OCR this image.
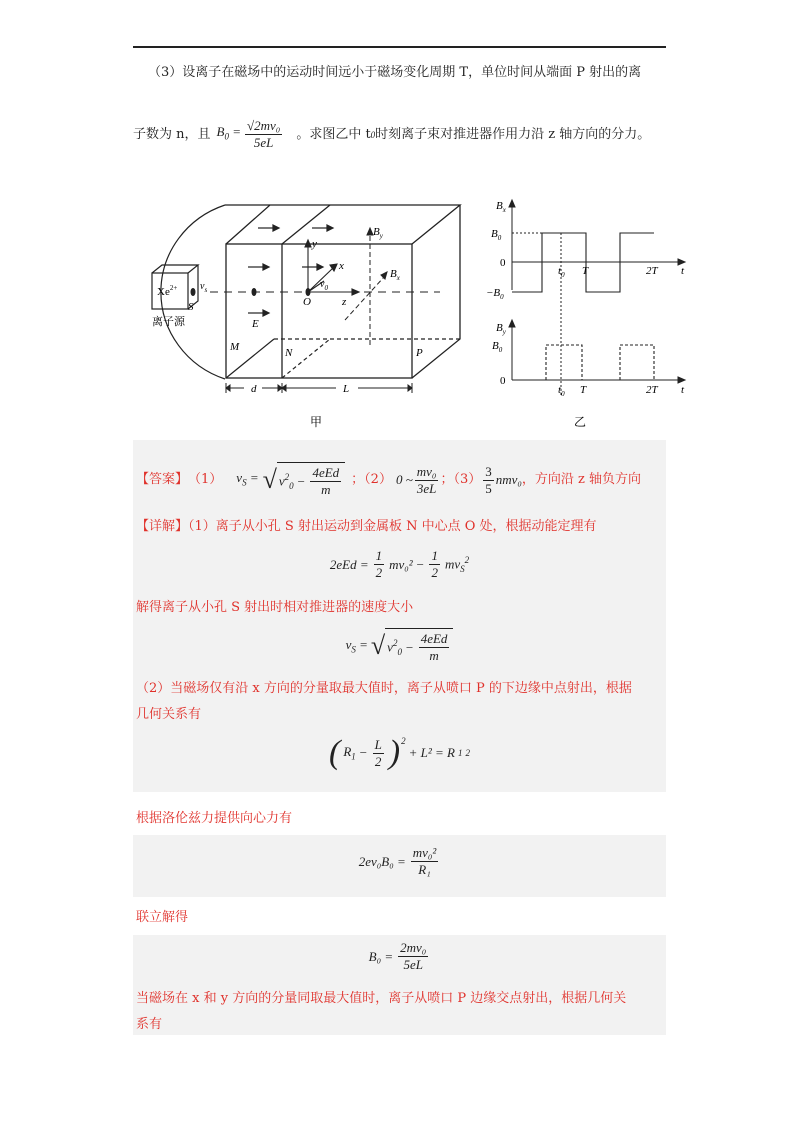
（3）设离子在磁场中的运动时间远小于磁场变化周期 T，单位时间从端面 P 射出的离
子数为 n，且 $B_0 = \frac{\text{√2mv₀}}{5eL}$ 。求图乙中 t 0 时刻离子束对推进器作用力沿 z 轴方向的分力。
$Xe^{2+}$
S
$v_s$
离子源	E
y
x
z
O
$v_0$
$B_y$
$B_x$
M	N	P
d	L
甲
$B_x$
$B_0$
0
$-B_0$
$t_0$ T	2T t
$B_y$
$B_0$
0
$t_0$ T	2T t
乙
【答案】 （1） $v_S$ = √ $v^2_0 - \frac{\text{4eEd}}{m}$ ；（2） 0 ~ $\frac{\text{mv₀}}{3eL}$ ；$(3) \frac{3}{5} nmv_0$ ，方向沿 z 轴负方向
【详解】（1）离子从小孔 S 射出运动到金属板 N 中心点 O 处，根据动能定理有
$2eEd = \frac{1}{2} mv_0^2 - \frac{1}{2} mv_S^2$
解得离子从小孔 S 射出时相对推进器的速度大小
$v_S$ = √ $v^2_0 - \frac{\text{4eEd}}{m}$
（2）当磁场仅有沿 x 方向的分量取最大值时，离子从喷口 P 的下边缘中点射出，根据
几何关系有
( $R_1 - \frac{L}{2} )^2$
+ L² = R 1 2
根据洛伦兹力提供向心力有
$2ev_0B_0 = \frac{\text{mv₀²}}{\text{R₁}}$
联立解得
$B_0 = \frac{\text{2mv₀}}{5eL}$
当磁场在 x 和 y 方向的分量同取最大值时，离子从喷口 P 边缘交点射出，根据几何关
系有
